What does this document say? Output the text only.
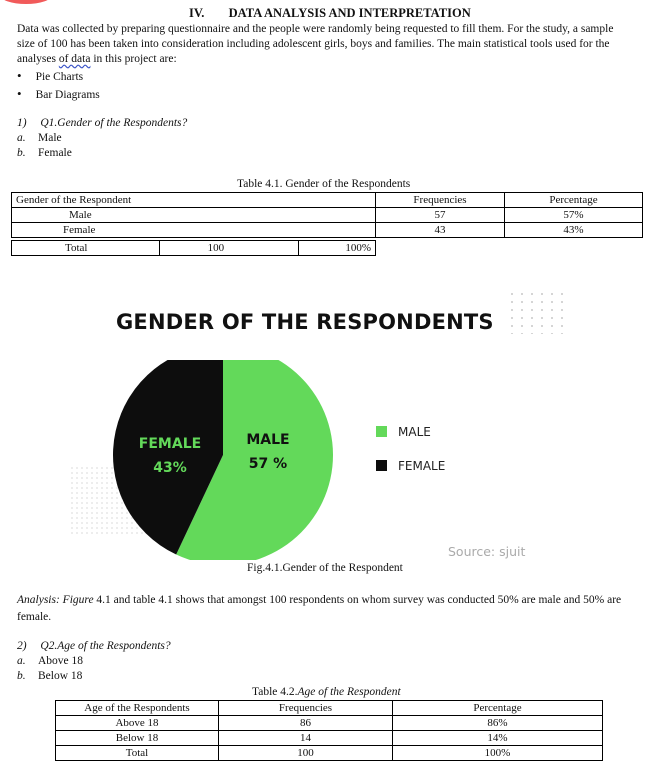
IV. DATA ANALYSIS AND INTERPRETATION
Data was collected by preparing questionnaire and the people were randomly being requested to fill them. For the study, a sample
size of 100 has been taken into consideration including adolescent girls, boys and families. The main statistical tools used for the
analyses of data in this project are:
• Pie Charts
• Bar Diagrams
1) Q1.Gender of the Respondents?
a. Male
b. Female
Table 4.1. Gender of the Respondents
Gender of the Respondent	Frequencies	Percentage
Male	57	57%
Female	43	43%
Total	100	100%
GENDER OF THE RESPONDENTS
MALE
57 %
FEMALE
43%
MALE
FEMALE
Source: sjuit
Fig.4.1.Gender of the Respondent
Analysis: Figure 4.1 and table 4.1 shows that amongst 100 respondents on whom survey was conducted 50% are male and 50% are
female.
2) Q2.Age of the Respondents?
a. Above 18
b. Below 18
Table 4.2.Age of the Respondent
Age of the Respondents	Frequencies	Percentage
Above 18	86	86%
Below 18	14	14%
Total	100	100%
